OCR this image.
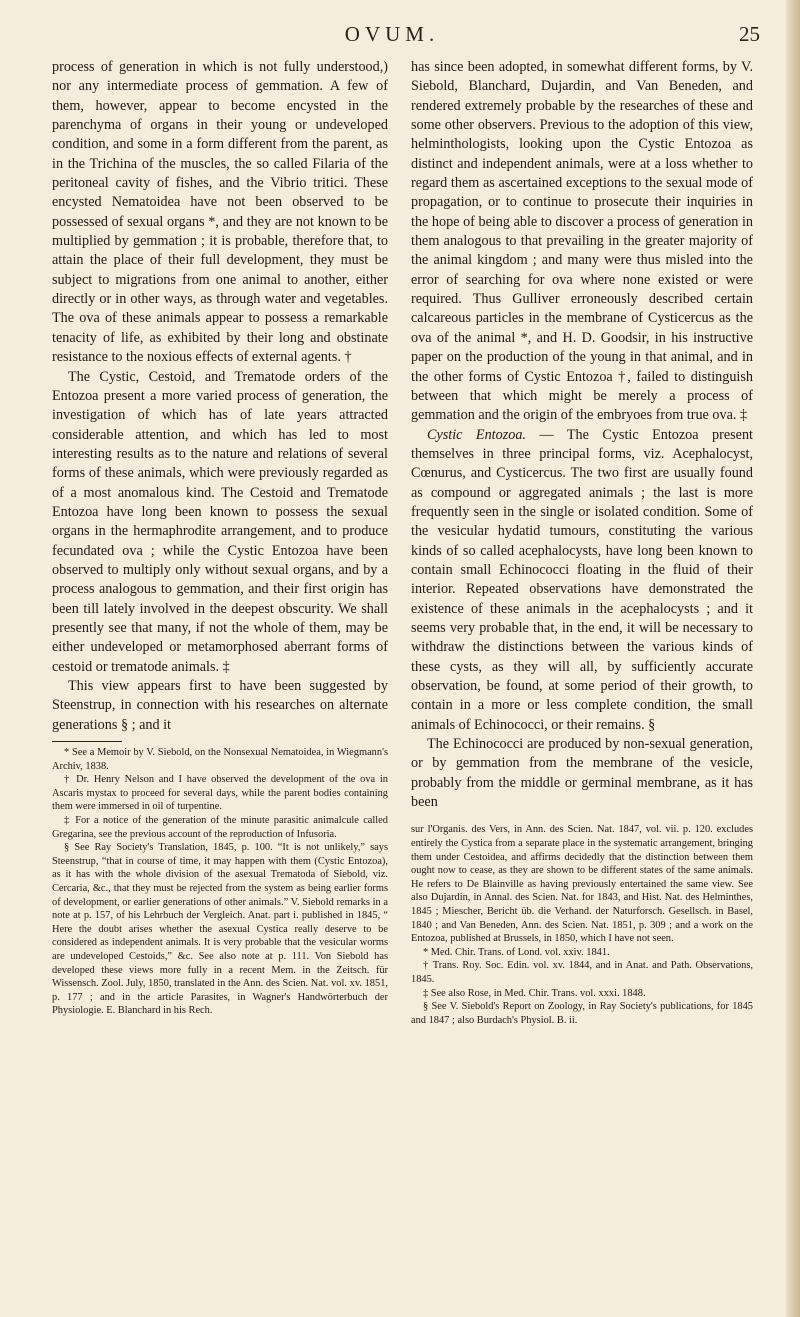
OVUM.	25

process of generation in which is not fully understood,) nor any intermediate process of gemmation. A few of them, however, appear to become encysted in the parenchyma of organs in their young or undeveloped condition, and some in a form different from the parent, as in the Trichina of the muscles, the so called Filaria of the peritoneal cavity of fishes, and the Vibrio tritici. These encysted Nematoidea have not been observed to be possessed of sexual organs *, and they are not known to be multiplied by gemmation ; it is probable, therefore that, to attain the place of their full development, they must be subject to migrations from one animal to another, either directly or in other ways, as through water and vegetables. The ova of these animals appear to possess a remarkable tenacity of life, as exhibited by their long and obstinate resistance to the noxious effects of external agents. †

The Cystic, Cestoid, and Trematode orders of the Entozoa present a more varied process of generation, the investigation of which has of late years attracted considerable attention, and which has led to most interesting results as to the nature and relations of several forms of these animals, which were previously regarded as of a most anomalous kind. The Cestoid and Trematode Entozoa have long been known to possess the sexual organs in the hermaphrodite arrangement, and to produce fecundated ova ; while the Cystic Entozoa have been observed to multiply only without sexual organs, and by a process analogous to gemmation, and their first origin has been till lately involved in the deepest obscurity. We shall presently see that many, if not the whole of them, may be either undeveloped or metamorphosed aberrant forms of cestoid or trematode animals. ‡

This view appears first to have been suggested by Steenstrup, in connection with his researches on alternate generations § ; and it

* See a Memoir by V. Siebold, on the Nonsexual Nematoidea, in Wiegmann's Archiv, 1838.

† Dr. Henry Nelson and I have observed the development of the ova in Ascaris mystax to proceed for several days, while the parent bodies containing them were immersed in oil of turpentine.

‡ For a notice of the generation of the minute parasitic animalcule called Gregarina, see the previous account of the reproduction of Infusoria.

§ See Ray Society's Translation, 1845, p. 100. “It is not unlikely,” says Steenstrup, “that in course of time, it may happen with them (Cystic Entozoa), as it has with the whole division of the asexual Trematoda of Siebold, viz. Cercaria, &c., that they must be rejected from the system as being earlier forms of development, or earlier generations of other animals.” V. Siebold remarks in a note at p. 157, of his Lehrbuch der Vergleich. Anat. part i. published in 1845, “ Here the doubt arises whether the asexual Cystica really deserve to be considered as independent animals. It is very probable that the vesicular worms are undeveloped Cestoids,” &c. See also note at p. 111. Von Siebold has developed these views more fully in a recent Mem. in the Zeitsch. für Wissensch. Zool. July, 1850, translated in the Ann. des Scien. Nat. vol. xv. 1851, p. 177 ; and in the article Parasites, in Wagner's Handwörterbuch der Physiologie. E. Blanchard in his Rech.

has since been adopted, in somewhat different forms, by V. Siebold, Blanchard, Dujardin, and Van Beneden, and rendered extremely probable by the researches of these and some other observers. Previous to the adoption of this view, helminthologists, looking upon the Cystic Entozoa as distinct and independent animals, were at a loss whether to regard them as ascertained exceptions to the sexual mode of propagation, or to continue to prosecute their inquiries in the hope of being able to discover a process of generation in them analogous to that prevailing in the greater majority of the animal kingdom ; and many were thus misled into the error of searching for ova where none existed or were required. Thus Gulliver erroneously described certain calcareous particles in the membrane of Cysticercus as the ova of the animal *, and H. D. Goodsir, in his instructive paper on the production of the young in that animal, and in the other forms of Cystic Entozoa †, failed to distinguish between that which might be merely a process of gemmation and the origin of the embryoes from true ova. ‡

Cystic Entozoa. — The Cystic Entozoa present themselves in three principal forms, viz. Acephalocyst, Cœnurus, and Cysticercus. The two first are usually found as compound or aggregated animals ; the last is more frequently seen in the single or isolated condition. Some of the vesicular hydatid tumours, constituting the various kinds of so called acephalocysts, have long been known to contain small Echinococci floating in the fluid of their interior. Repeated observations have demonstrated the existence of these animals in the acephalocysts ; and it seems very probable that, in the end, it will be necessary to withdraw the distinctions between the various kinds of these cysts, as they will all, by sufficiently accurate observation, be found, at some period of their growth, to contain in a more or less complete condition, the small animals of Echinococci, or their remains. §

The Echinococci are produced by non-sexual generation, or by gemmation from the membrane of the vesicle, probably from the middle or germinal membrane, as it has been

sur l'Organis. des Vers, in Ann. des Scien. Nat. 1847, vol. vii. p. 120. excludes entirely the Cystica from a separate place in the systematic arrangement, bringing them under Cestoidea, and affirms decidedly that the distinction between them ought now to cease, as they are shown to be different states of the same animals. He refers to De Blainville as having previously entertained the same view. See also Dujardin, in Annal. des Scien. Nat. for 1843, and Hist. Nat. des Helminthes, 1845 ; Miescher, Bericht üb. die Verhand. der Naturforsch. Gesellsch. in Basel, 1840 ; and Van Beneden, Ann. des Scien. Nat. 1851, p. 309 ; and a work on the Entozoa, published at Brussels, in 1850, which I have not seen.

* Med. Chir. Trans. of Lond. vol. xxiv. 1841.

† Trans. Roy. Soc. Edin. vol. xv. 1844, and in Anat. and Path. Observations, 1845.

‡ See also Rose, in Med. Chir. Trans. vol. xxxi. 1848.

§ See V. Siebold's Report on Zoology, in Ray Society's publications, for 1845 and 1847 ; also Burdach's Physiol. B. ii.
